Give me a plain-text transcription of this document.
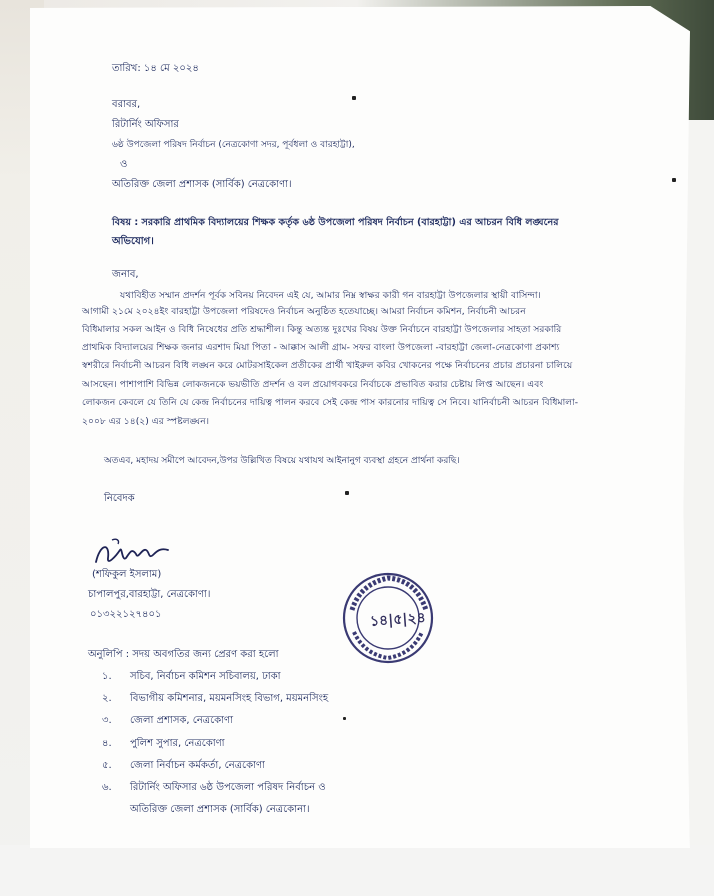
তারিখ: ১৪ মে ২০২৪
বরাবর,
রিটার্নিং অফিসার
৬ষ্ঠ উপজেলা পরিষদ নির্বাচন (নেত্রকোণা সদর, পূর্বধলা ও বারহাট্টা),
ও
অতিরিক্ত জেলা প্রশাসক (সার্বিক) নেত্রকোণা।
বিষয় : সরকারি প্রাথমিক বিদ্যালয়ের শিক্ষক কর্তৃক ৬ষ্ঠ উপজেলা পরিষদ নির্বাচন (বারহাট্টা) এর আচরন বিধি লঙ্ঘনের
অভিযোগ।
জনাব,
যথাবিহীত সম্মান প্রদর্শন পূর্বক সবিনয় নিবেদন এই যে, আমার নিম্ন স্বাক্ষর কারী গন বারহাট্টা উপজেলার স্থায়ী বাসিন্দা।
আগামী ২১মে ২০২৪ইং বারহাট্টা উপজেলা পরিষদেও নির্বাচন অনুষ্ঠিত হতেযাচ্ছে। আমরা নির্বাচন কমিশন, নির্বাচনী আচরন
বিধিমালার সকল আইন ও বিধি নিষেধের প্রতি শ্রদ্ধাশীল। কিন্তু অত্যন্ত দুঃখের বিষয় উক্ত নির্বাচনে বারহাট্টা উপজেলার সাহতা সরকারি
প্রাথমিক বিদ্যালয়ের শিক্ষক জনার এরশাদ মিয়া পিতা - আক্কাস আলী গ্রাম- সফর বাংলা উপজেলা -বারহাট্টা জেলা-নেত্রকোণা প্রকাশ্য
স্বশরীরে নির্বাচনী আচরন বিধি লঙ্ঘন করে মোটরসাইকেল প্রতীকের প্রার্থী খাইরুল কবির খোকনের পক্ষে নির্বাচনের প্রচার প্রচারনা চালিয়ে
আসছেন। পাশাপাশি বিভিন্ন লোকজনকে ভয়ভীতি প্রদর্শন ও বল প্রয়োগবকরে নির্বাচকে প্রভাবিত করার চেষ্টায় লিপ্ত আছেন। এবং
লোকজন কেবলে যে তিনি যে কেন্দ্র নির্বাচনের দায়িত্ব পালন করবে সেই কেন্দ্র পাস কারনোর দায়িত্ব সে নিবে। যানির্বাচনী আচরন বিধিমালা-
২০০৮ এর ১৪(২) এর স্পষ্টলঙ্ঘন।
অতএব, মহাদয় সমীপে আবেদন,উপর উল্লিখিত বিষয়ে যথাযথ আইনানুগ ব্যবস্থা গ্রহনে প্রার্থনা করছি।
নিবেদক
(শফিকুল ইসলাম)
চাপালপুর,বারহাট্টা, নেত্রকোণা।
০১৩২২১২৭৪০১	১৪|৫|২৪
অনুলিপি : সদয় অবগতির জন্য প্রেরণ করা হলো
১. সচিব, নির্বাচন কমিশন সচিবালয়, ঢাকা
২. বিভাগীয় কমিশনার, ময়মনসিংহ বিভাগ, ময়মনসিংহ
৩. জেলা প্রশাসক, নেত্রকোণা
৪. পুলিশ সুপার, নেত্রকোণা
৫. জেলা নির্বাচন কর্মকর্তা, নেত্রকোণা
৬. রিটার্নিং অফিসার ৬ষ্ঠ উপজেলা পরিষদ নির্বাচন ও
অতিরিক্ত জেলা প্রশাসক (সার্বিক) নেত্রকোনা।
